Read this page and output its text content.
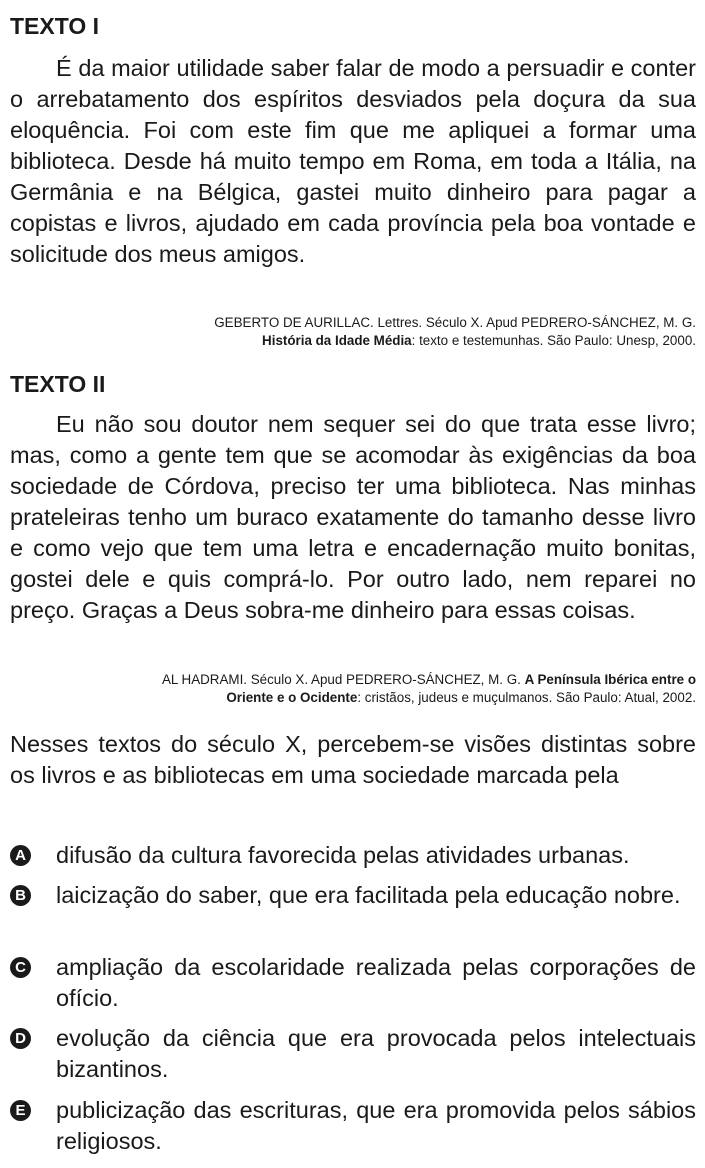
TEXTO I

É da maior utilidade saber falar de modo a persuadir e conter o arrebatamento dos espíritos desviados pela doçura da sua eloquência. Foi com este fim que me apliquei a formar uma biblioteca. Desde há muito tempo em Roma, em toda a Itália, na Germânia e na Bélgica, gastei muito dinheiro para pagar a copistas e livros, ajudado em cada província pela boa vontade e solicitude dos meus amigos.

GEBERTO DE AURILLAC. Lettres. Século X. Apud PEDRERO-SÁNCHEZ, M. G.
História da Idade Média: texto e testemunhas. São Paulo: Unesp, 2000.

TEXTO II

Eu não sou doutor nem sequer sei do que trata esse livro; mas, como a gente tem que se acomodar às exigências da boa sociedade de Córdova, preciso ter uma biblioteca. Nas minhas prateleiras tenho um buraco exatamente do tamanho desse livro e como vejo que tem uma letra e encadernação muito bonitas, gostei dele e quis comprá-lo. Por outro lado, nem reparei no preço. Graças a Deus sobra-me dinheiro para essas coisas.

AL HADRAMI. Século X. Apud PEDRERO-SÁNCHEZ, M. G. A Península Ibérica entre o
Oriente e o Ocidente: cristãos, judeus e muçulmanos. São Paulo: Atual, 2002.

Nesses textos do século X, percebem-se visões distintas sobre os livros e as bibliotecas em uma sociedade marcada pela

A difusão da cultura favorecida pelas atividades urbanas.

B laicização do saber, que era facilitada pela educação nobre.

C ampliação da escolaridade realizada pelas corporações de ofício.

D evolução da ciência que era provocada pelos intelectuais bizantinos.

E publicização das escrituras, que era promovida pelos sábios religiosos.
